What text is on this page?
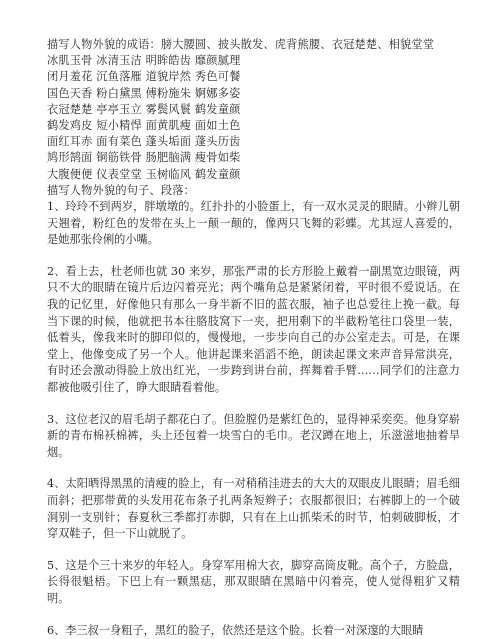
描写人物外貌的成语：膀大腰圆、披头散发、虎背熊腰、衣冠楚楚、相貌堂堂
冰肌玉骨 冰清玉洁 明眸皓齿 靡颜腻理
闭月羞花 沉鱼落雁 道貌岸然 秀色可餐
国色天香 粉白黛黑 傅粉施朱 婀娜多姿
衣冠楚楚 亭亭玉立 雾鬓风鬟 鹤发童颜
鹤发鸡皮 短小精悍 面黄肌瘦 面如土色
面红耳赤 面有菜色 蓬头垢面 蓬头历齿
鸠形鹄面 铜筋铁骨 肠肥脑满 瘦骨如柴
大腹便便 仪表堂堂 玉树临风 鹤发童颜
描写人物外貌的句子、段落：

1、玲玲不到两岁，胖墩墩的。红扑扑的小脸蛋上，有一双水灵灵的眼睛。小辫儿朝天翘着，粉红色的发带在头上一颠一颠的，像两只飞舞的彩蝶。尤其逗人喜爱的，是她那张伶俐的小嘴。

2、看上去，杜老师也就 30 来岁，那张严肃的长方形脸上戴着一副黑宽边眼镜，两只不大的眼睛在镜片后边闪着亮光；两个嘴角总是紧紧闭着，平时很不爱说话。在我的记忆里，好像他只有那么一身半新不旧的蓝衣服，袖子也总爱往上挽一截。每当下课的时候，他就把书本往胳肢窝下一夹，把用剩下的半截粉笔往口袋里一装，低着头，像我来时的脚印似的，慢慢地，一步步向自己的办公室走去。可是，在课堂上，他像变成了另一个人。他讲起课来滔滔不绝，朗读起课文来声音异常洪亮，有时还会激动得脸上放出红光，一步跨到讲台前，挥舞着手臂……同学们的注意力都被他吸引住了，睁大眼睛看着他。

3、这位老汉的眉毛胡子都花白了。但脸膛仍是紫红色的，显得神采奕奕。他身穿崭新的青布棉袄棉裤，头上还包着一块雪白的毛巾。老汉蹲在地上，乐滋滋地抽着旱烟。

4、太阳晒得黑黑的清瘦的脸上，有一对稍稍洼进去的大大的双眼皮儿眼睛；眉毛细而斜；把那带黄的头发用花布条子扎两条短辫子；衣服都很旧；右裤脚上的一个破洞别一支别针；春夏秋三季都打赤脚，只有在上山抓柴禾的时节，怕刺破脚板，才穿双鞋子，但一下山就脱了。

5、这是个三十来岁的年轻人。身穿军用棉大衣，脚穿高筒皮靴。高个子，方脸盘，长得很魁梧。下巴上有一颗黑痣，那双眼睛在黑暗中闪着亮，使人觉得粗犷又精明。

6、李三叔一身粗子，黑红的脸子，依然还是这个脸。长着一对深邃的大眼睛
